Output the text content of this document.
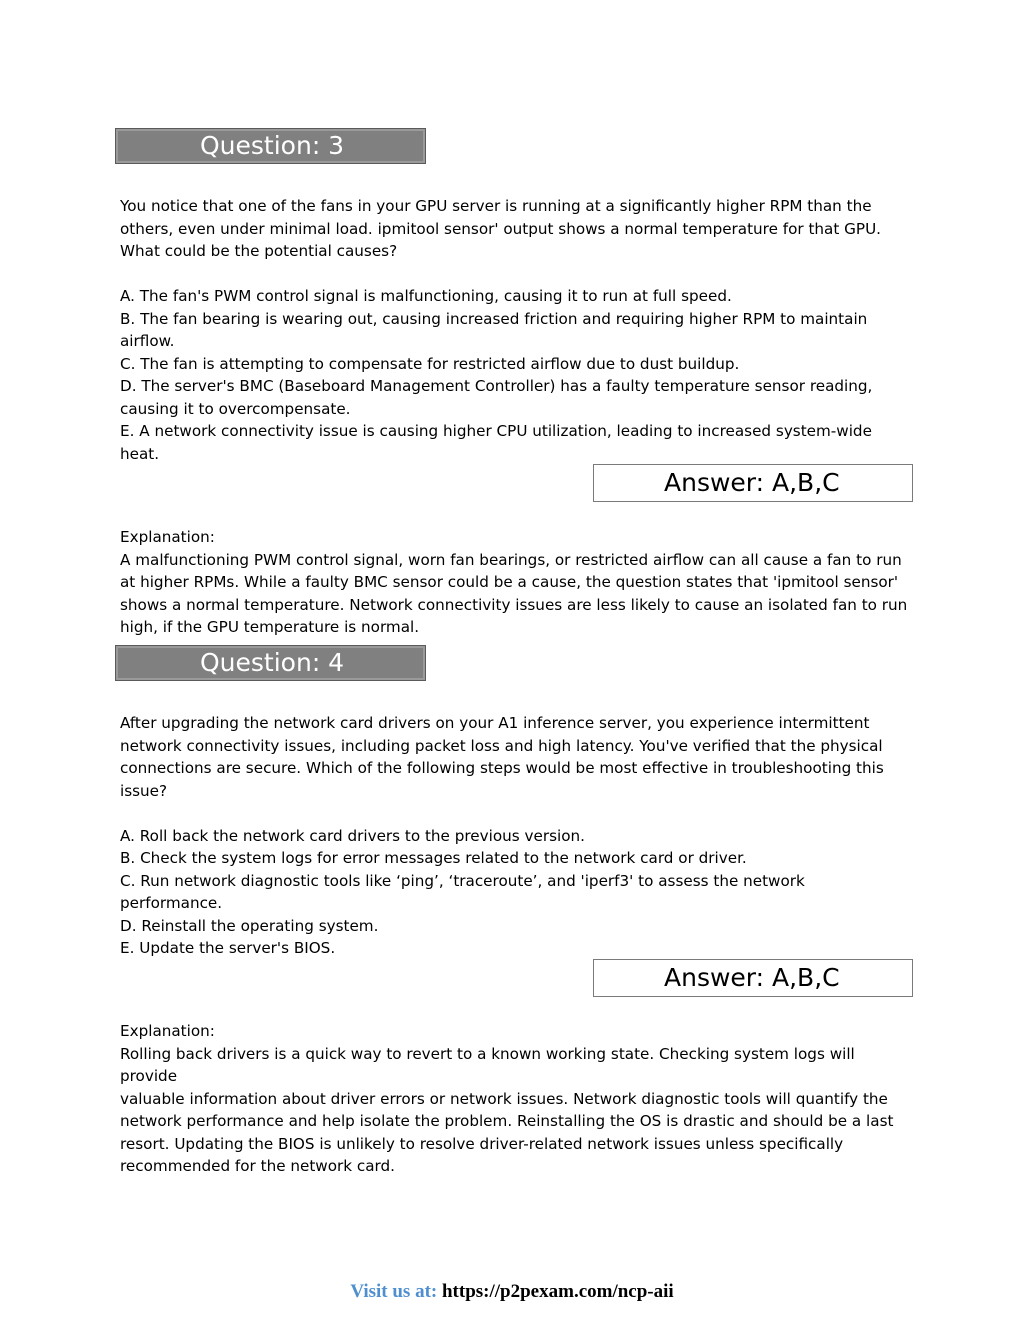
Question: 3

You notice that one of the fans in your GPU server is running at a significantly higher RPM than the

others, even under minimal load. ipmitool sensor' output shows a normal temperature for that GPU.

What could be the potential causes?

A. The fan's PWM control signal is malfunctioning, causing it to run at full speed.

B. The fan bearing is wearing out, causing increased friction and requiring higher RPM to maintain

airflow.

C. The fan is attempting to compensate for restricted airflow due to dust buildup.

D. The server's BMC (Baseboard Management Controller) has a faulty temperature sensor reading,

causing it to overcompensate.

E. A network connectivity issue is causing higher CPU utilization, leading to increased system-wide heat.

Answer: A,B,C

Explanation:

A malfunctioning PWM control signal, worn fan bearings, or restricted airflow can all cause a fan to run

at higher RPMs. While a faulty BMC sensor could be a cause, the question states that 'ipmitool sensor'

shows a normal temperature. Network connectivity issues are less likely to cause an isolated fan to run

high, if the GPU temperature is normal.

Question: 4

After upgrading the network card drivers on your A1 inference server, you experience intermittent

network connectivity issues, including packet loss and high latency. You've verified that the physical

connections are secure. Which of the following steps would be most effective in troubleshooting this

issue?

A. Roll back the network card drivers to the previous version.

B. Check the system logs for error messages related to the network card or driver.

C. Run network diagnostic tools like ‘ping’, ‘traceroute’, and 'iperf3' to assess the network performance.

D. Reinstall the operating system.

E. Update the server's BIOS.

Answer: A,B,C

Explanation:

Rolling back drivers is a quick way to revert to a known working state. Checking system logs will provide

valuable information about driver errors or network issues. Network diagnostic tools will quantify the

network performance and help isolate the problem. Reinstalling the OS is drastic and should be a last

resort. Updating the BIOS is unlikely to resolve driver-related network issues unless specifically

recommended for the network card.

Visit us at: https://p2pexam.com/ncp-aii
